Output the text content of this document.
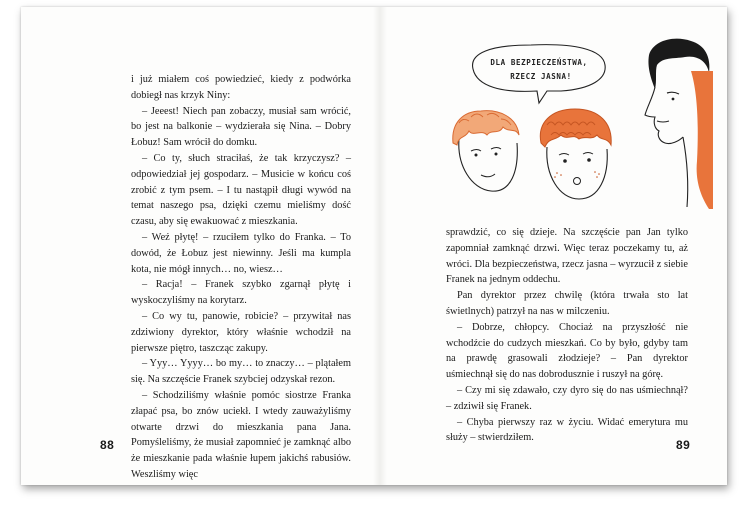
i już miałem coś powiedzieć, kiedy z podwórka dobiegł nas krzyk Niny:

– Jeeest! Niech pan zobaczy, musiał sam wrócić, bo jest na balkonie – wydzierała się Nina. – Dobry Łobuz! Sam wrócił do domku.

– Co ty, słuch straciłaś, że tak krzyczysz? – odpowiedział jej gospodarz. – Musicie w końcu coś zrobić z tym psem. – I tu nastąpił długi wywód na temat naszego psa, dzięki czemu mieliśmy dość czasu, aby się ewakuować z mieszkania.

– Weź płytę! – rzuciłem tylko do Franka. – To dowód, że Łobuz jest niewinny. Jeśli ma kumpla kota, nie mógł innych… no, wiesz…

– Racja! – Franek szybko zgarnął płytę i wyskoczyliśmy na korytarz.

– Co wy tu, panowie, robicie? – przywitał nas zdziwiony dyrektor, który właśnie wchodził na pierwsze piętro, taszcząc zakupy.

– Yyy… Yyyy… bo my… to znaczy… – plątałem się. Na szczęście Franek szybciej odzyskał rezon.

– Schodziliśmy właśnie pomóc siostrze Franka złapać psa, bo znów uciekł. I wtedy zauważyliśmy otwarte drzwi do mieszkania pana Jana. Pomyśleliśmy, że musiał zapomnieć je zamknąć albo że mieszkanie pada właśnie łupem jakichś rabusiów. Weszliśmy więc

88
DLA BEZPIECZEŃSTWA,
RZECZ JASNA!

sprawdzić, co się dzieje. Na szczęście pan Jan tylko zapomniał zamknąć drzwi. Więc teraz poczekamy tu, aż wróci. Dla bezpieczeństwa, rzecz jasna – wyrzucił z siebie Franek na jednym oddechu.

Pan dyrektor przez chwilę (która trwała sto lat świetlnych) patrzył na nas w milczeniu.

– Dobrze, chłopcy. Chociaż na przyszłość nie wchodźcie do cudzych mieszkań. Co by było, gdyby tam na prawdę grasowali złodzieje? – Pan dyrektor uśmiechnął się do nas dobrodusznie i ruszył na górę.

– Czy mi się zdawało, czy dyro się do nas uśmiechnął? – zdziwił się Franek.

– Chyba pierwszy raz w życiu. Widać emerytura mu służy – stwierdziłem.

89
